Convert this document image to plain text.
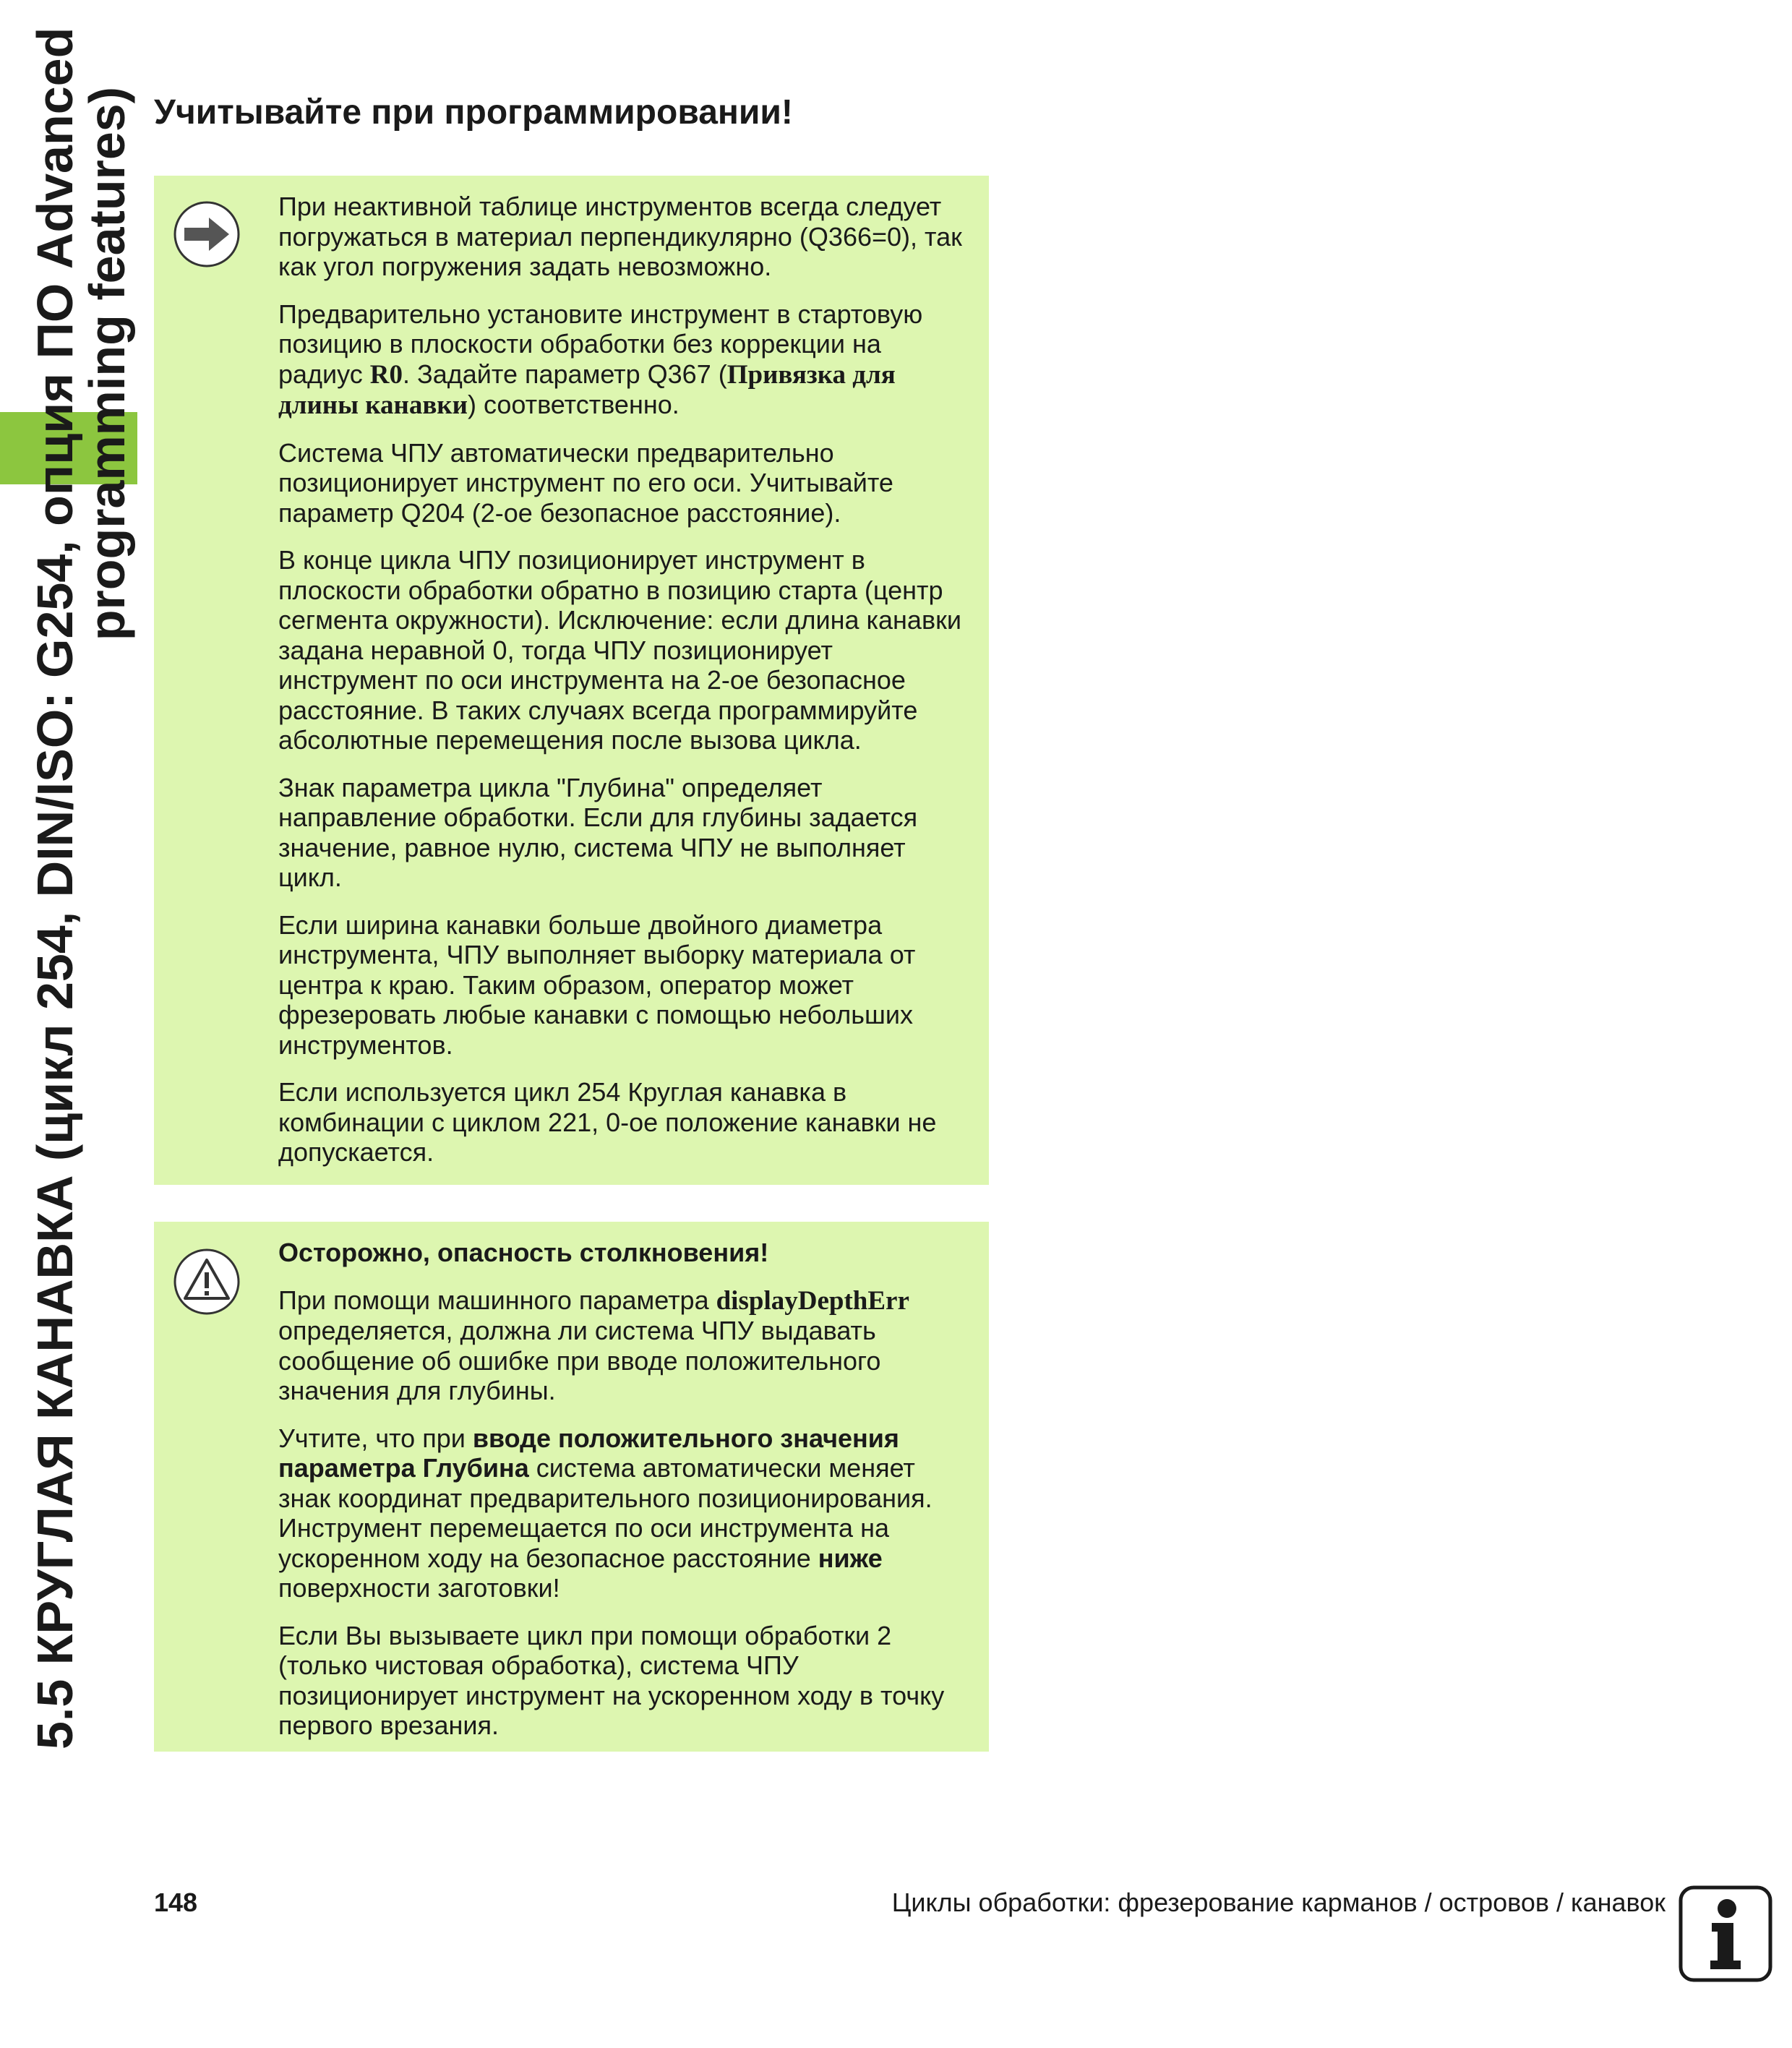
5.5 КРУГЛАЯ КАНАВКА (цикл 254, DIN/ISO: G254, опция ПО Advanced
programming features) Учитывайте при программировании!

При неактивной таблице инструментов всегда следует погружаться в материал перпендикулярно (Q366=0), так как угол погружения задать невозможно.

Предварительно установите инструмент в стартовую позицию в плоскости обработки без коррекции на радиус R0. Задайте параметр Q367 (Привязка для длины канавки) соответственно.

Система ЧПУ автоматически предварительно позиционирует инструмент по его оси. Учитывайте параметр Q204 (2-ое безопасное расстояние).

В конце цикла ЧПУ позиционирует инструмент в плоскости обработки обратно в позицию старта (центр сегмента окружности). Исключение: если длина канавки задана неравной 0, тогда ЧПУ позиционирует инструмент по оси инструмента на 2-ое безопасное расстояние. В таких случаях всегда программируйте абсолютные перемещения после вызова цикла.

Знак параметра цикла "Глубина" определяет направление обработки. Если для глубины задается значение, равное нулю, система ЧПУ не выполняет цикл.

Если ширина канавки больше двойного диаметра инструмента, ЧПУ выполняет выборку материала от центра к краю. Таким образом, оператор может фрезеровать любые канавки с помощью небольших инструментов.

Если используется цикл 254 Круглая канавка в комбинации с циклом 221, 0-ое положение канавки не допускается.

Осторожно, опасность столкновения!

При помощи машинного параметра displayDepthErr определяется, должна ли система ЧПУ выдавать сообщение об ошибке при вводе положительного значения для глубины.

Учтите, что при вводе положительного значения параметра Глубина система автоматически меняет знак координат предварительного позиционирования. Инструмент перемещается по оси инструмента на ускоренном ходу на безопасное расстояние ниже поверхности заготовки!

Если Вы вызываете цикл при помощи обработки 2 (только чистовая обработка), система ЧПУ позиционирует инструмент на ускоренном ходу в точку первого врезания.

148	Циклы обработки: фрезерование карманов / островов / канавок
